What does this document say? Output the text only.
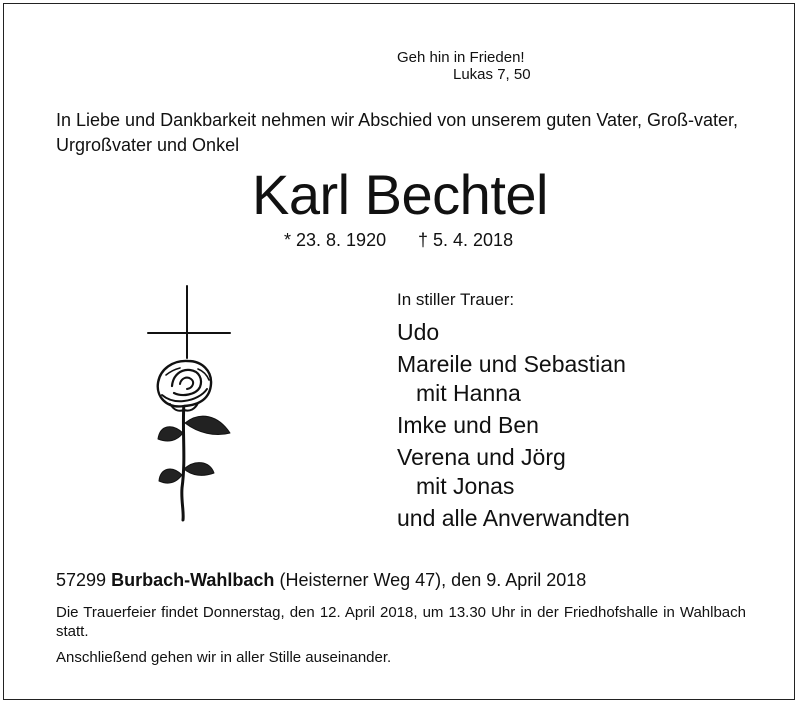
Geh hin in Frieden!
Lukas 7, 50
In Liebe und Dankbarkeit nehmen wir Abschied von unserem guten Vater, Groß-vater, Urgroßvater und Onkel
Karl Bechtel
* 23. 8. 1920 † 5. 4. 2018
In stiller Trauer:
Udo
Mareile und Sebastian
mit Hanna
Imke und Ben
Verena und Jörg
mit Jonas
und alle Anverwandten
57299 Burbach-Wahlbach (Heisterner Weg 47), den 9. April 2018
Die Trauerfeier findet Donnerstag, den 12. April 2018, um 13.30 Uhr in der Friedhofshalle in Wahlbach statt.
Anschließend gehen wir in aller Stille auseinander.
